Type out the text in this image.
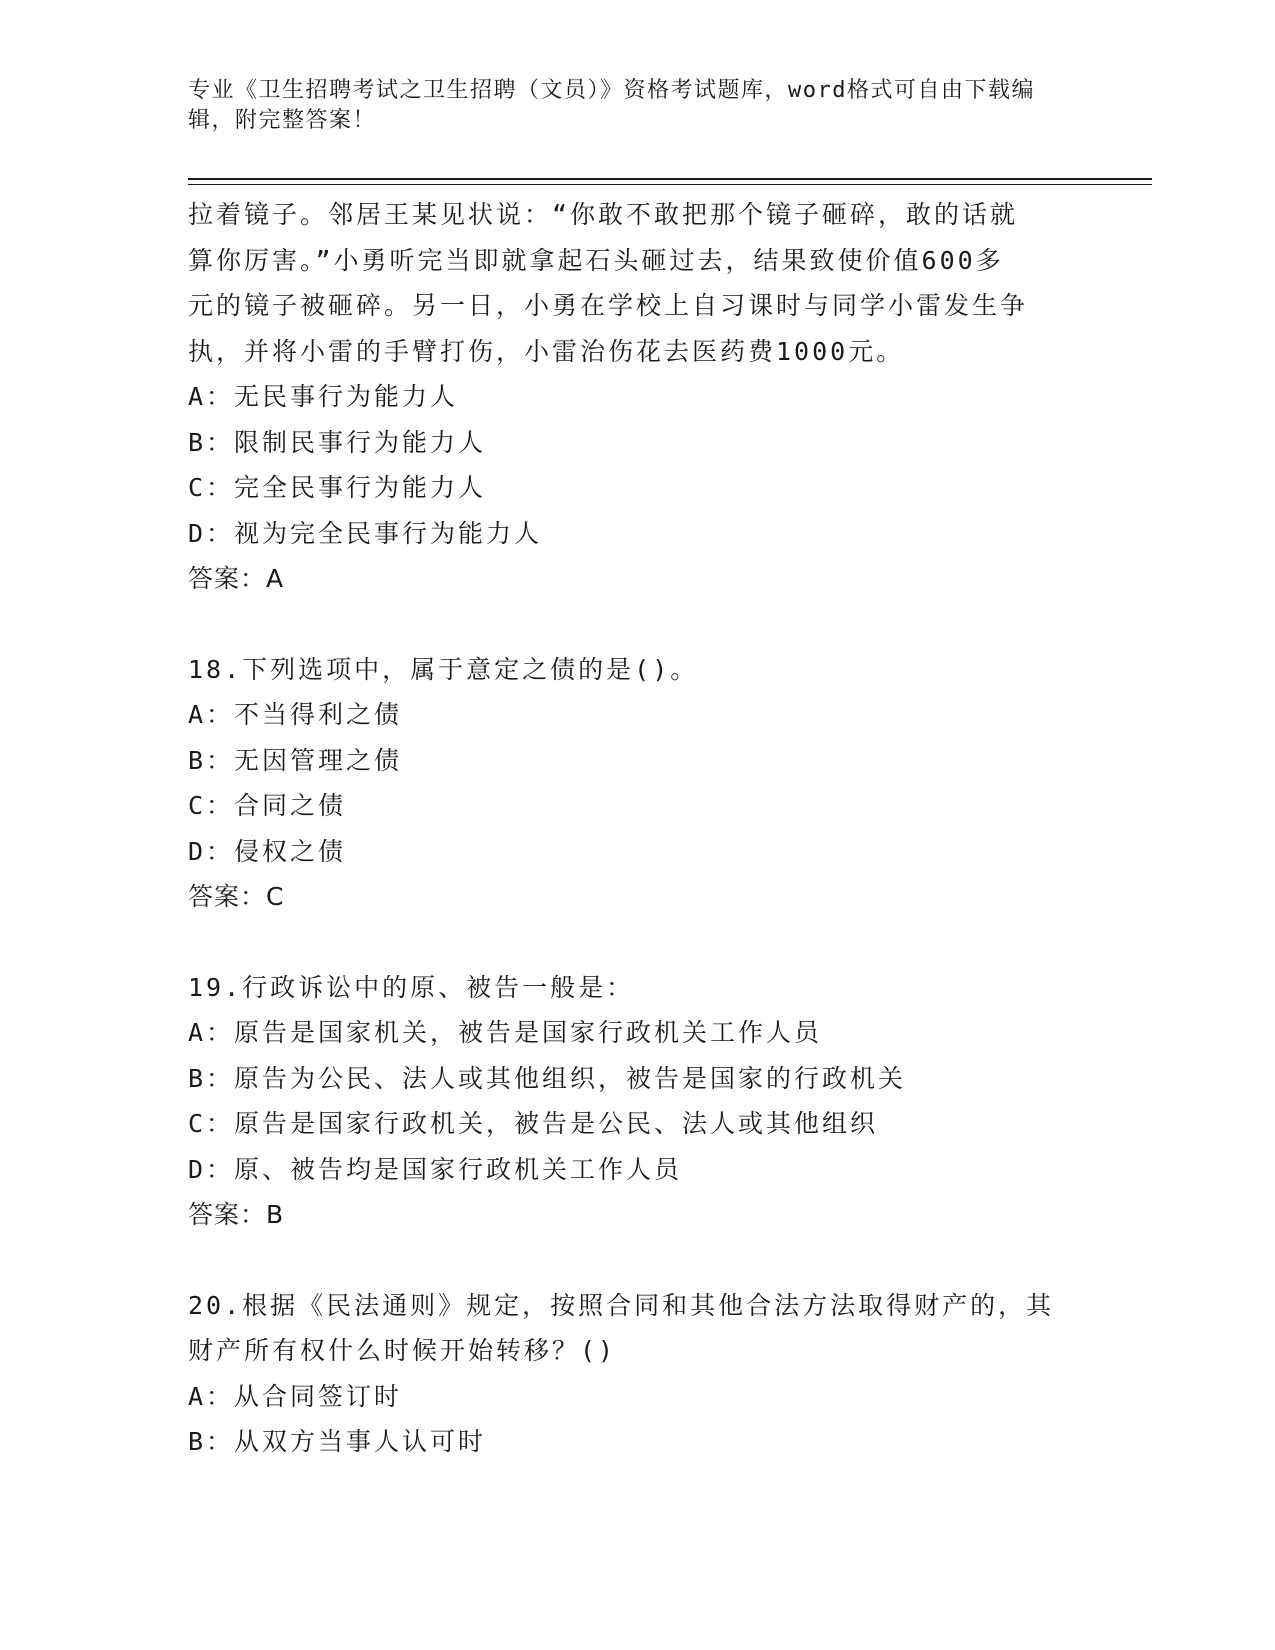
专业《卫生招聘考试之卫生招聘（文员）》资格考试题库，word格式可自由下载编辑，附完整答案！
拉着镜子。邻居王某见状说：“你敢不敢把那个镜子砸碎，敢的话就
算你厉害。”小勇听完当即就拿起石头砸过去，结果致使价值600多
元的镜子被砸碎。另一日，小勇在学校上自习课时与同学小雷发生争
执，并将小雷的手臂打伤，小雷治伤花去医药费1000元。
A：无民事行为能力人
B：限制民事行为能力人
C：完全民事行为能力人
D：视为完全民事行为能力人
答案：A
18.下列选项中，属于意定之债的是()。
A：不当得利之债
B：无因管理之债
C：合同之债
D：侵权之债
答案：C
19.行政诉讼中的原、被告一般是：
A：原告是国家机关，被告是国家行政机关工作人员
B：原告为公民、法人或其他组织，被告是国家的行政机关
C：原告是国家行政机关，被告是公民、法人或其他组织
D：原、被告均是国家行政机关工作人员
答案：B
20.根据《民法通则》规定，按照合同和其他合法方法取得财产的，其
财产所有权什么时候开始转移？()
A：从合同签订时
B：从双方当事人认可时
